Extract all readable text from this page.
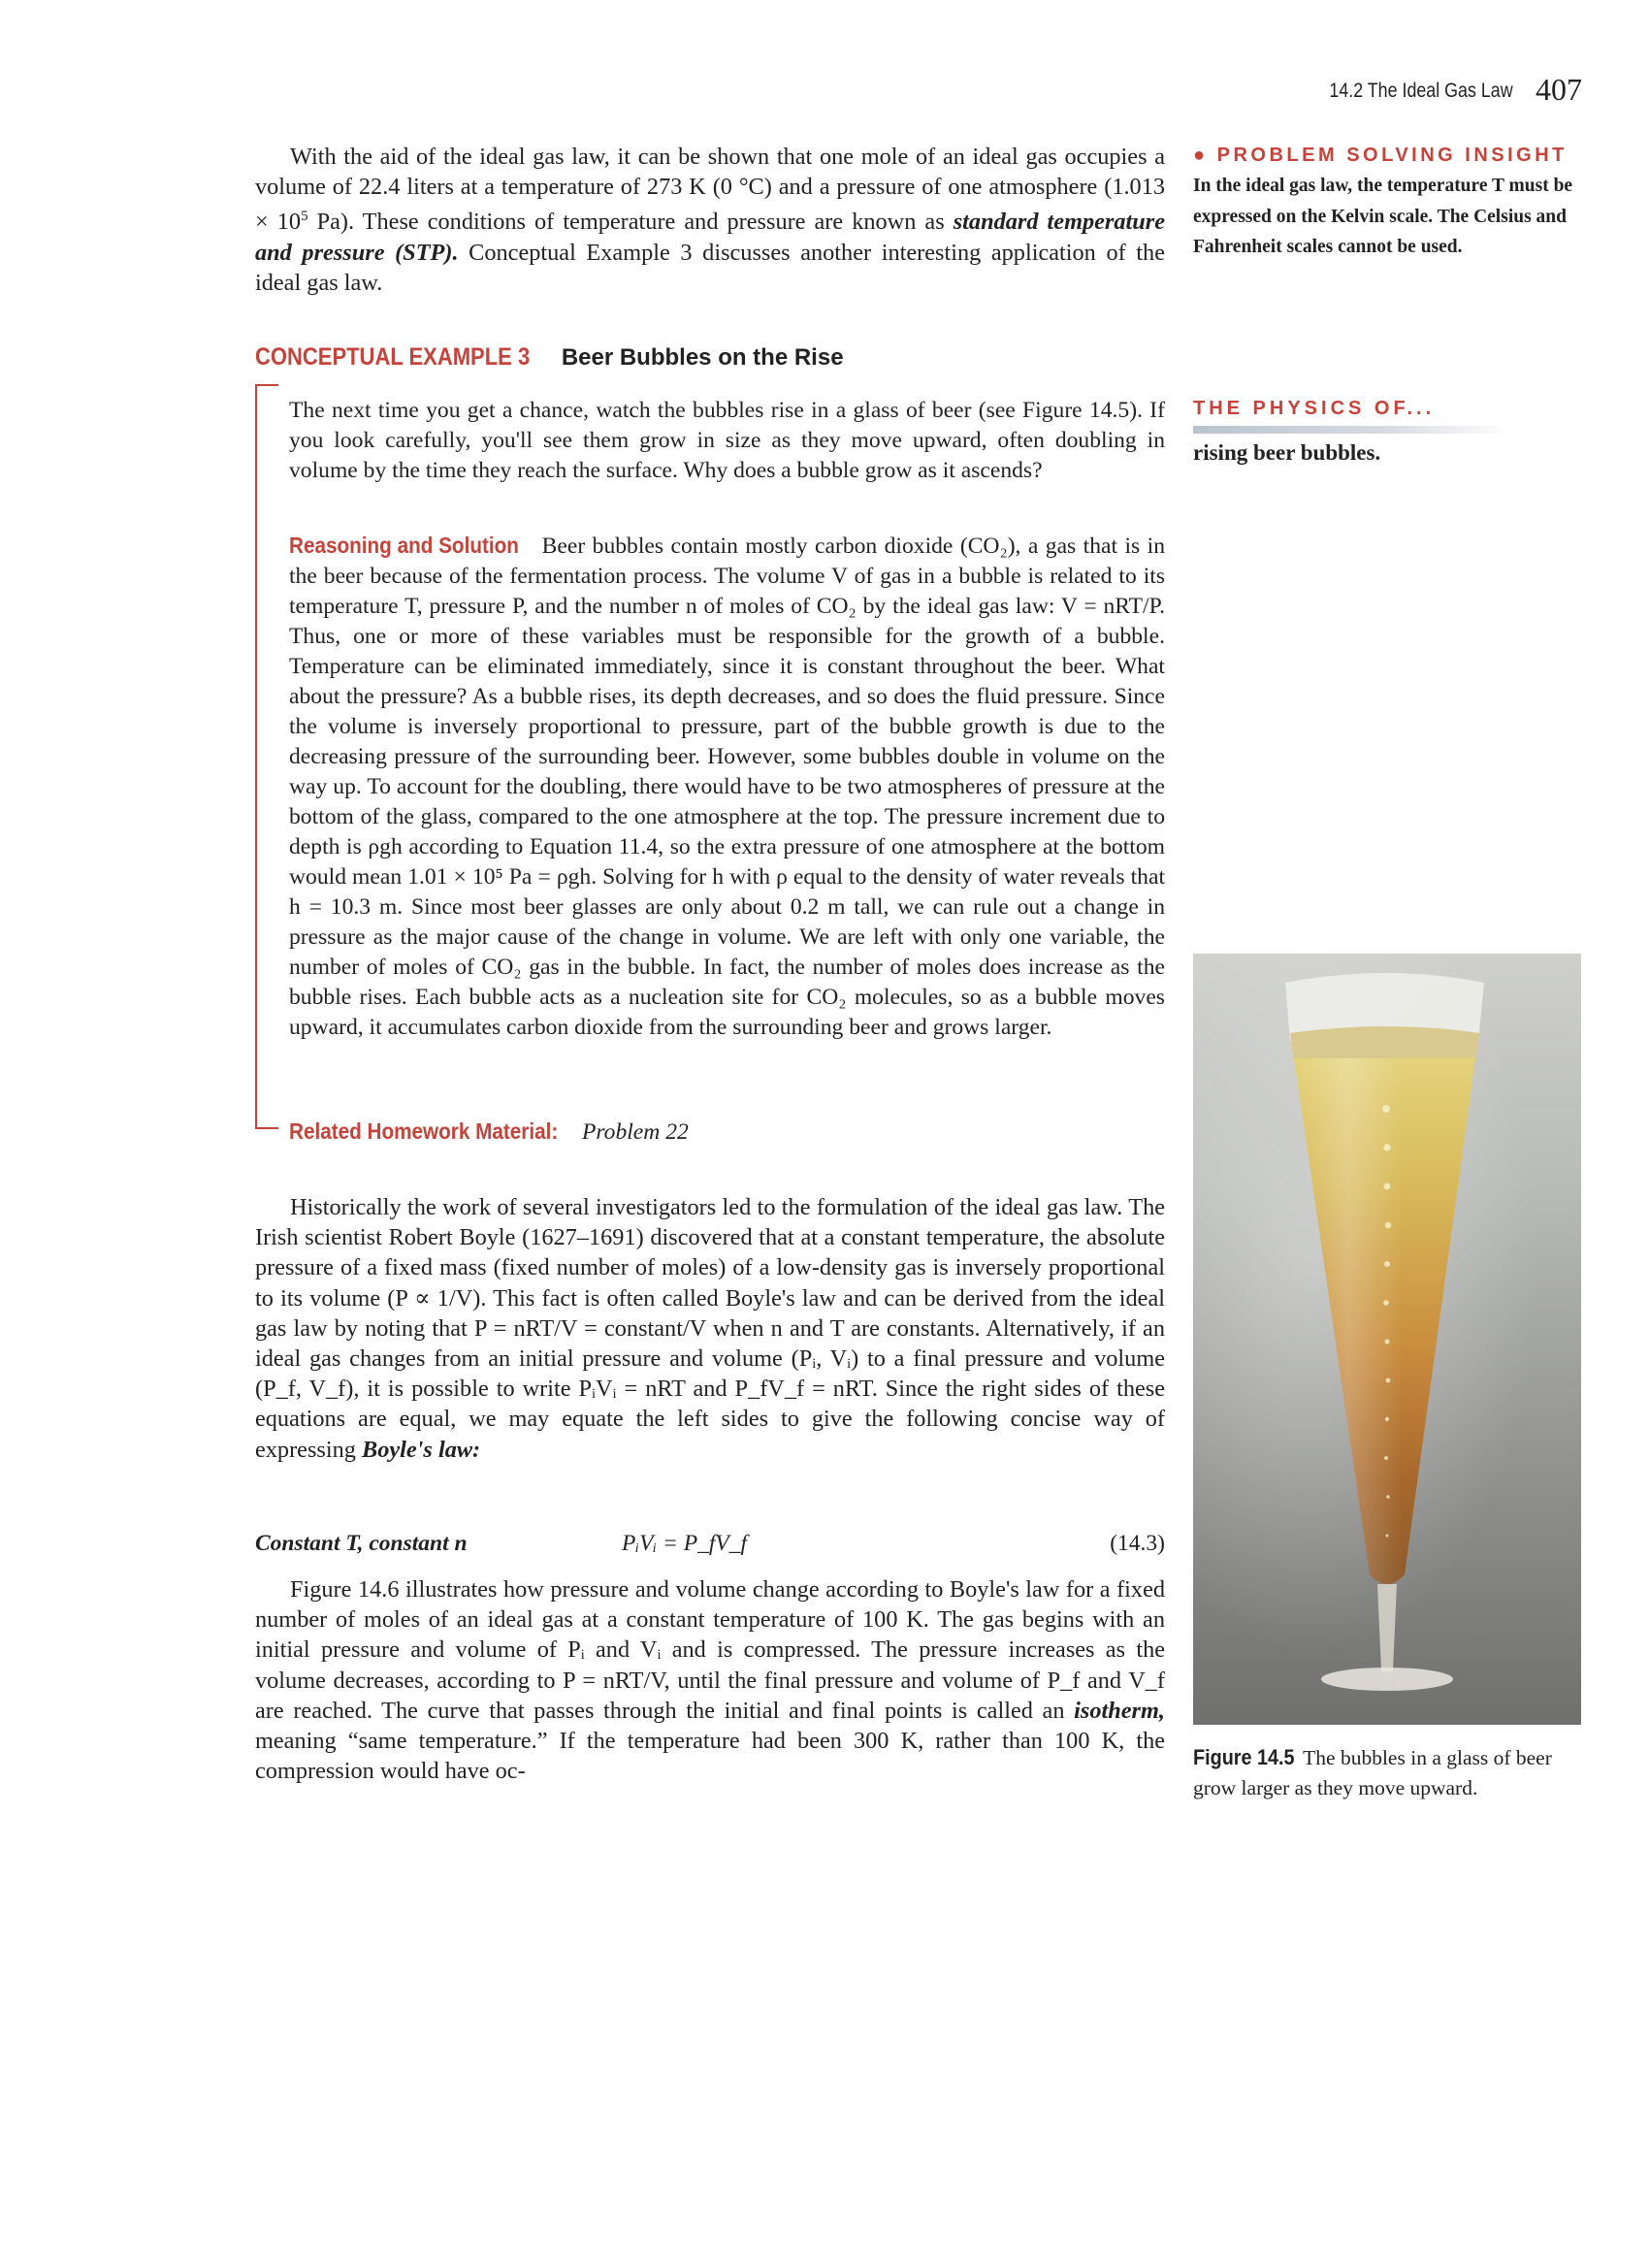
14.2 The Ideal Gas Law 407

With the aid of the ideal gas law, it can be shown that one mole of an ideal gas occupies a volume of 22.4 liters at a temperature of 273 K (0 °C) and a pressure of one atmosphere ($1.013 \times 10^5$ Pa). These conditions of temperature and pressure are known as standard temperature and pressure (STP). Conceptual Example 3 discusses another interesting application of the ideal gas law.

● PROBLEM SOLVING INSIGHT
In the ideal gas law, the temperature T must be expressed on the Kelvin scale. The Celsius and Fahrenheit scales cannot be used.
CONCEPTUAL EXAMPLE 3 Beer Bubbles on the Rise

The next time you get a chance, watch the bubbles rise in a glass of beer (see Figure 14.5). If you look carefully, you'll see them grow in size as they move upward, often doubling in volume by the time they reach the surface. Why does a bubble grow as it ascends?

Reasoning and Solution Beer bubbles contain mostly carbon dioxide (CO₂), a gas that is in the beer because of the fermentation process. The volume V of gas in a bubble is related to its temperature T, pressure P, and the number n of moles of CO₂ by the ideal gas law: V = nRT/P. Thus, one or more of these variables must be responsible for the growth of a bubble. Temperature can be eliminated immediately, since it is constant throughout the beer. What about the pressure? As a bubble rises, its depth decreases, and so does the fluid pressure. Since the volume is inversely proportional to pressure, part of the bubble growth is due to the decreasing pressure of the surrounding beer. However, some bubbles double in volume on the way up. To account for the doubling, there would have to be two atmospheres of pressure at the bottom of the glass, compared to the one atmosphere at the top. The pressure increment due to depth is ρgh according to Equation 11.4, so the extra pressure of one atmosphere at the bottom would mean 1.01 × 10⁵ Pa = ρgh. Solving for h with ρ equal to the density of water reveals that h = 10.3 m. Since most beer glasses are only about 0.2 m tall, we can rule out a change in pressure as the major cause of the change in volume. We are left with only one variable, the number of moles of CO₂ gas in the bubble. In fact, the number of moles does increase as the bubble rises. Each bubble acts as a nucleation site for CO₂ molecules, so as a bubble moves upward, it accumulates carbon dioxide from the surrounding beer and grows larger.

Related Homework Material: Problem 22
THE PHYSICS OF...
rising beer bubbles.

Historically the work of several investigators led to the formulation of the ideal gas law. The Irish scientist Robert Boyle (1627–1691) discovered that at a constant temperature, the absolute pressure of a fixed mass (fixed number of moles) of a low-density gas is inversely proportional to its volume (P ∝ 1/V). This fact is often called Boyle's law and can be derived from the ideal gas law by noting that P = nRT/V = constant/V when n and T are constants. Alternatively, if an ideal gas changes from an initial pressure and volume (Pᵢ, Vᵢ) to a final pressure and volume (P_f, V_f), it is possible to write PᵢVᵢ = nRT and P_fV_f = nRT. Since the right sides of these equations are equal, we may equate the left sides to give the following concise way of expressing Boyle's law:

Constant T, constant n	PᵢVᵢ = P_fV_f	(14.3)

Figure 14.6 illustrates how pressure and volume change according to Boyle's law for a fixed number of moles of an ideal gas at a constant temperature of 100 K. The gas begins with an initial pressure and volume of Pᵢ and Vᵢ and is compressed. The pressure increases as the volume decreases, according to P = nRT/V, until the final pressure and volume of P_f and V_f are reached. The curve that passes through the initial and final points is called an isotherm, meaning “same temperature.” If the temperature had been 300 K, rather than 100 K, the compression would have oc-

Figure 14.5 The bubbles in a glass of beer grow larger as they move upward.
